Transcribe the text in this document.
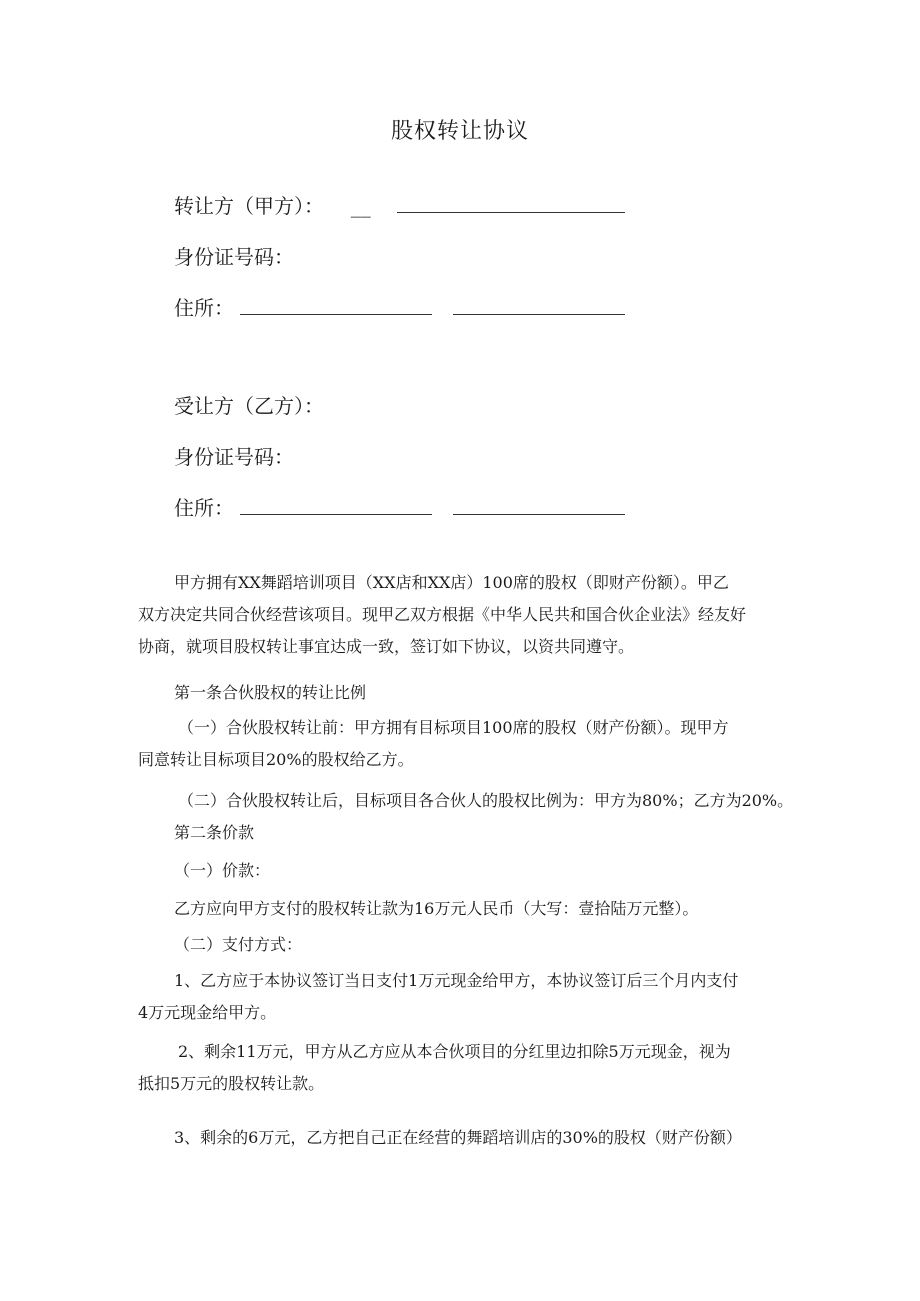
股权转让协议
转让方（甲方）： __
身份证号码：
住所：
受让方（乙方）：
身份证号码：
住所：
甲方拥有XX舞蹈培训项目（XX店和XX店）100席的股权（即财产份额）。甲乙
双方决定共同合伙经营该项目。现甲乙双方根据《中华人民共和国合伙企业法》经友好
协商，就项目股权转让事宜达成一致，签订如下协议，以资共同遵守。
第一条合伙股权的转让比例
（一）合伙股权转让前：甲方拥有目标项目100席的股权（财产份额）。现甲方
同意转让目标项目20%的股权给乙方。
（二）合伙股权转让后，目标项目各合伙人的股权比例为：甲方为80%；乙方为20%。
第二条价款
（一）价款：
乙方应向甲方支付的股权转让款为16万元人民币（大写：壹拾陆万元整）。
（二）支付方式：
1、乙方应于本协议签订当日支付1万元现金给甲方，本协议签订后三个月内支付
4万元现金给甲方。
2、剩余11万元，甲方从乙方应从本合伙项目的分红里边扣除5万元现金，视为
抵扣5万元的股权转让款。
3、剩余的6万元，乙方把自己正在经营的舞蹈培训店的30%的股权（财产份额）
